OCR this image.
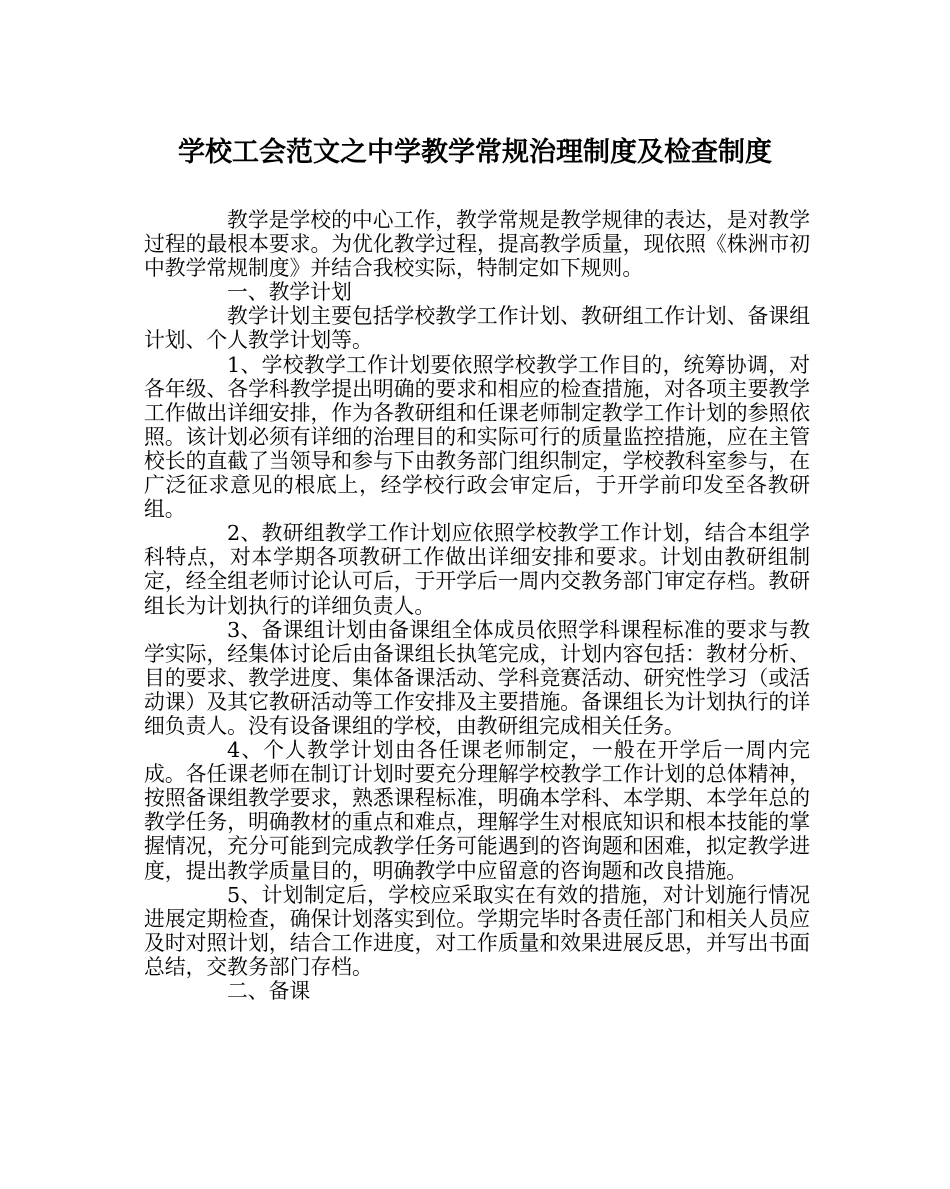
学校工会范文之中学教学常规治理制度及检查制度

教学是学校的中心工作，教学常规是教学规律的表达，是对教学过程的最根本要求。为优化教学过程，提高教学质量，现依照《株洲市初中教学常规制度》并结合我校实际，特制定如下规则。

一、教学计划

教学计划主要包括学校教学工作计划、教研组工作计划、备课组计划、个人教学计划等。

1、学校教学工作计划要依照学校教学工作目的，统筹协调，对各年级、各学科教学提出明确的要求和相应的检查措施，对各项主要教学工作做出详细安排，作为各教研组和任课老师制定教学工作计划的参照依照。该计划必须有详细的治理目的和实际可行的质量监控措施，应在主管校长的直截了当领导和参与下由教务部门组织制定，学校教科室参与，在广泛征求意见的根底上，经学校行政会审定后，于开学前印发至各教研组。

2、教研组教学工作计划应依照学校教学工作计划，结合本组学科特点，对本学期各项教研工作做出详细安排和要求。计划由教研组制定，经全组老师讨论认可后，于开学后一周内交教务部门审定存档。教研组长为计划执行的详细负责人。

3、备课组计划由备课组全体成员依照学科课程标准的要求与教学实际，经集体讨论后由备课组长执笔完成，计划内容包括：教材分析、目的要求、教学进度、集体备课活动、学科竞赛活动、研究性学习（或活动课）及其它教研活动等工作安排及主要措施。备课组长为计划执行的详细负责人。没有设备课组的学校，由教研组完成相关任务。

4、个人教学计划由各任课老师制定，一般在开学后一周内完成。各任课老师在制订计划时要充分理解学校教学工作计划的总体精神，按照备课组教学要求，熟悉课程标准，明确本学科、本学期、本学年总的教学任务，明确教材的重点和难点，理解学生对根底知识和根本技能的掌握情况，充分可能到完成教学任务可能遇到的咨询题和困难，拟定教学进度，提出教学质量目的，明确教学中应留意的咨询题和改良措施。

5、计划制定后，学校应采取实在有效的措施，对计划施行情况进展定期检查，确保计划落实到位。学期完毕时各责任部门和相关人员应及时对照计划，结合工作进度，对工作质量和效果进展反思，并写出书面总结，交教务部门存档。

二、备课
